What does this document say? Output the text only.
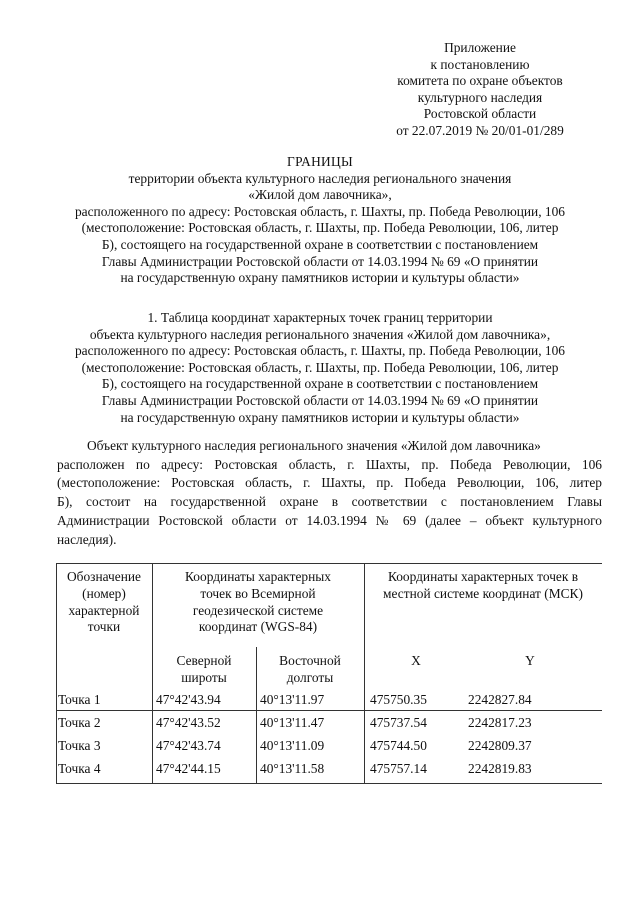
Приложение
к постановлению
комитета по охране объектов
культурного наследия
Ростовской области
от 22.07.2019 № 20/01-01/289
ГРАНИЦЫ
территории объекта культурного наследия регионального значения
«Жилой дом лавочника»,
расположенного по адресу: Ростовская область, г. Шахты, пр. Победа Революции, 106
(местоположение: Ростовская область, г. Шахты, пр. Победа Революции, 106, литер
Б), состоящего на государственной охране в соответствии с постановлением
Главы Администрации Ростовской области от 14.03.1994 № 69 «О принятии
на государственную охрану памятников истории и культуры области»
1. Таблица координат характерных точек границ территории
объекта культурного наследия регионального значения «Жилой дом лавочника»,
расположенного по адресу: Ростовская область, г. Шахты, пр. Победа Революции, 106
(местоположение: Ростовская область, г. Шахты, пр. Победа Революции, 106, литер
Б), состоящего на государственной охране в соответствии с постановлением
Главы Администрации Ростовской области от 14.03.1994 № 69 «О принятии
на государственную охрану памятников истории и культуры области»
Объект культурного наследия регионального значения «Жилой дом лавочника»
расположен по адресу: Ростовская область, г. Шахты, пр. Победа Революции, 106
(местоположение: Ростовская область, г. Шахты, пр. Победа Революции, 106, литер
Б), состоит на государственной охране в соответствии с постановлением Главы
Администрации Ростовской области от 14.03.1994 № 69 (далее – объект культурного
наследия).
Обозначение
(номер)
характерной
точки
Координаты характерных
точек во Всемирной
геодезической системе
координат (WGS-84)
Координаты характерных точек в
местной системе координат (МСК)
Северной
широты
Восточной
долготы
X	Y
Точка 1	47°42'43.94	40°13'11.97	475750.35	2242827.84
Точка 2	47°42'43.52	40°13'11.47	475737.54	2242817.23
Точка 3	47°42'43.74	40°13'11.09	475744.50	2242809.37
Точка 4	47°42'44.15	40°13'11.58	475757.14	2242819.83
